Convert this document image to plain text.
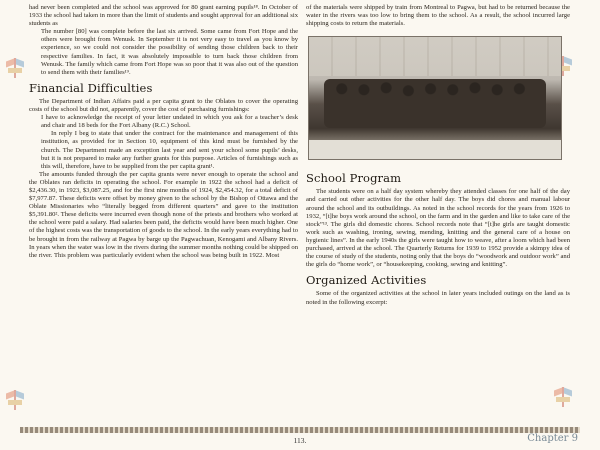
had never been completed and the school was approved for 80 grant earning pupils¹⁸. In October of 1933 the school had taken in more than the limit of students and sought approval for an additional six students as

The number [80] was complete before the last six arrived. Some came from Fort Hope and the others were brought from Wenusk. In September it is not very easy to travel as you know by experience, so we could not consider the possibility of sending those children back to their respective families. In fact, it was absolutely impossible to turn back those children from Wenusk. The family which came from Fort Hope was so poor that it was also out of the question to send them with their families¹⁹.
Financial Difficulties

The Department of Indian Affairs paid a per capita grant to the Oblates to cover the operating costs of the school but did not, apparently, cover the cost of purchasing furnishings:

I have to acknowledge the receipt of your letter undated in which you ask for a teacher’s desk and chair and 18 beds for the Fort Albany (R.C.) School.
In reply I beg to state that under the contract for the maintenance and management of this institution, as provided for in Section 10, equipment of this kind must be furnished by the church. The Department made an exception last year and sent your school some pupils’ desks, but it is not prepared to make any further grants for this purpose. Articles of furnishings such as this will, therefore, have to be supplied from the per capita grant¹.

The amounts funded through the per capita grants were never enough to operate the school and the Oblates ran deficits in operating the school. For example in 1922 the school had a deficit of $2,436.30, in 1923, $3,087.25, and for the first nine months of 1924, $2,454.32, for a total deficit of $7,977.87. These deficits were offset by money given to the school by the Bishop of Ottawa and the Oblate Missionaries who “literally begged from different quarters” and gave to the institution $5,391.80². These deficits were incurred even though none of the priests and brothers who worked at the school were paid a salary. Had salaries been paid, the deficits would have been much higher. One of the highest costs was the transportation of goods to the school. In the early years everything had to be brought in from the railway at Pagwa by barge up the Pagwachuan, Kenogami and Albany Rivers. In years when the water was low in the rivers during the summer months nothing could be shipped on the river. This problem was particularly evident when the school was being built in 1922. Most

of the materials were shipped by train from Montreal to Pagwa, but had to be returned because the water in the rivers was too low to bring them to the school. As a result, the school incurred large shipping costs to return the materials.

School Program

The students were on a half day system whereby they attended classes for one half of the day and carried out other activities for the other half day. The boys did chores and manual labour around the school and its outbuildings. As noted in the school records for the years from 1926 to 1932, “[t]he boys work around the school, on the farm and in the garden and like to take care of the stock”¹³. The girls did domestic chores. School records note that “[t]he girls are taught domestic work such as washing, ironing, sewing, mending, knitting and the general care of a house on hygienic lines”. In the early 1940s the girls were taught how to weave, after a loom which had been purchased, arrived at the school. The Quarterly Returns for 1939 to 1952 provide a skimpy idea of the course of study of the students, noting only that the boys do “woodwork and outdoor work” and the girls do “home work”, or “housekeeping, cooking, sewing and knitting”.

Organized Activities

Some of the organized activities at the school in later years included outings on the land as is noted in the following excerpt:

113.	Chapter 9
